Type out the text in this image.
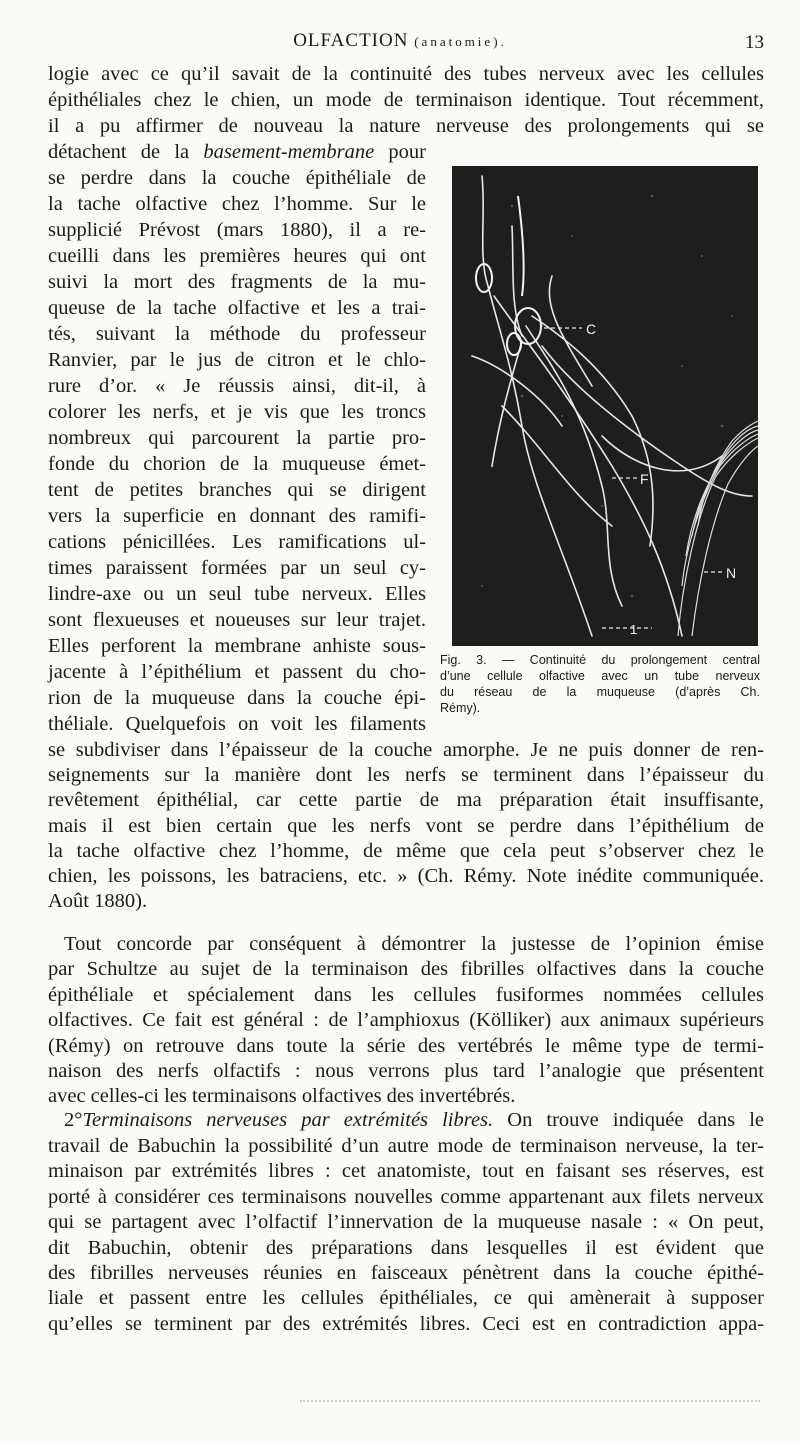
OLFACTION (anatomie).	13
logie avec ce qu’il savait de la continuité des tubes nerveux avec les cellules
épithéliales chez le chien, un mode de terminaison identique. Tout récemment,
il a pu affirmer de nouveau la nature nerveuse des prolongements qui se
détachent de la basement-membrane pour
se perdre dans la couche épithéliale de
la tache olfactive chez l’homme. Sur le
supplicié Prévost (mars 1880), il a re-
cueilli dans les premières heures qui ont
suivi la mort des fragments de la mu-
queuse de la tache olfactive et les a trai-
tés, suivant la méthode du professeur
Ranvier, par le jus de citron et le chlo-
rure d’or. « Je réussis ainsi, dit-il, à
colorer les nerfs, et je vis que les troncs
nombreux qui parcourent la partie pro-
fonde du chorion de la muqueuse émet-
tent de petites branches qui se dirigent
vers la superficie en donnant des ramifi-
cations pénicillées. Les ramifications ul-
times paraissent formées par un seul cy-
lindre-axe ou un seul tube nerveux. Elles
sont flexueuses et noueuses sur leur trajet.
Elles perforent la membrane anhiste sous-
jacente à l’épithélium et passent du cho-
rion de la muqueuse dans la couche épi-
théliale. Quelquefois on voit les filaments
C
F
N
1
Fig. 3. — Continuité du prolongement central
d’une cellule olfactive avec un tube nerveux
du réseau de la muqueuse (d’après Ch.
Rémy).
se subdiviser dans l’épaisseur de la couche amorphe. Je ne puis donner de ren-
seignements sur la manière dont les nerfs se terminent dans l’épaisseur du
revêtement épithélial, car cette partie de ma préparation était insuffisante,
mais il est bien certain que les nerfs vont se perdre dans l’épithélium de
la tache olfactive chez l’homme, de même que cela peut s’observer chez le
chien, les poissons, les batraciens, etc. » (Ch. Rémy. Note inédite communiquée.
Août 1880).
Tout concorde par conséquent à démontrer la justesse de l’opinion émise
par Schultze au sujet de la terminaison des fibrilles olfactives dans la couche
épithéliale et spécialement dans les cellules fusiformes nommées cellules
olfactives. Ce fait est général : de l’amphioxus (Kölliker) aux animaux supérieurs
(Rémy) on retrouve dans toute la série des vertébrés le même type de termi-
naison des nerfs olfactifs : nous verrons plus tard l’analogie que présentent
avec celles-ci les terminaisons olfactives des invertébrés.
2°Terminaisons nerveuses par extrémités libres. On trouve indiquée dans le
travail de Babuchin la possibilité d’un autre mode de terminaison nerveuse, la ter-
minaison par extrémités libres : cet anatomiste, tout en faisant ses réserves, est
porté à considérer ces terminaisons nouvelles comme appartenant aux filets nerveux
qui se partagent avec l’olfactif l’innervation de la muqueuse nasale : « On peut,
dit Babuchin, obtenir des préparations dans lesquelles il est évident que
des fibrilles nerveuses réunies en faisceaux pénètrent dans la couche épithé-
liale et passent entre les cellules épithéliales, ce qui amènerait à supposer
qu’elles se terminent par des extrémités libres. Ceci est en contradiction appa-
